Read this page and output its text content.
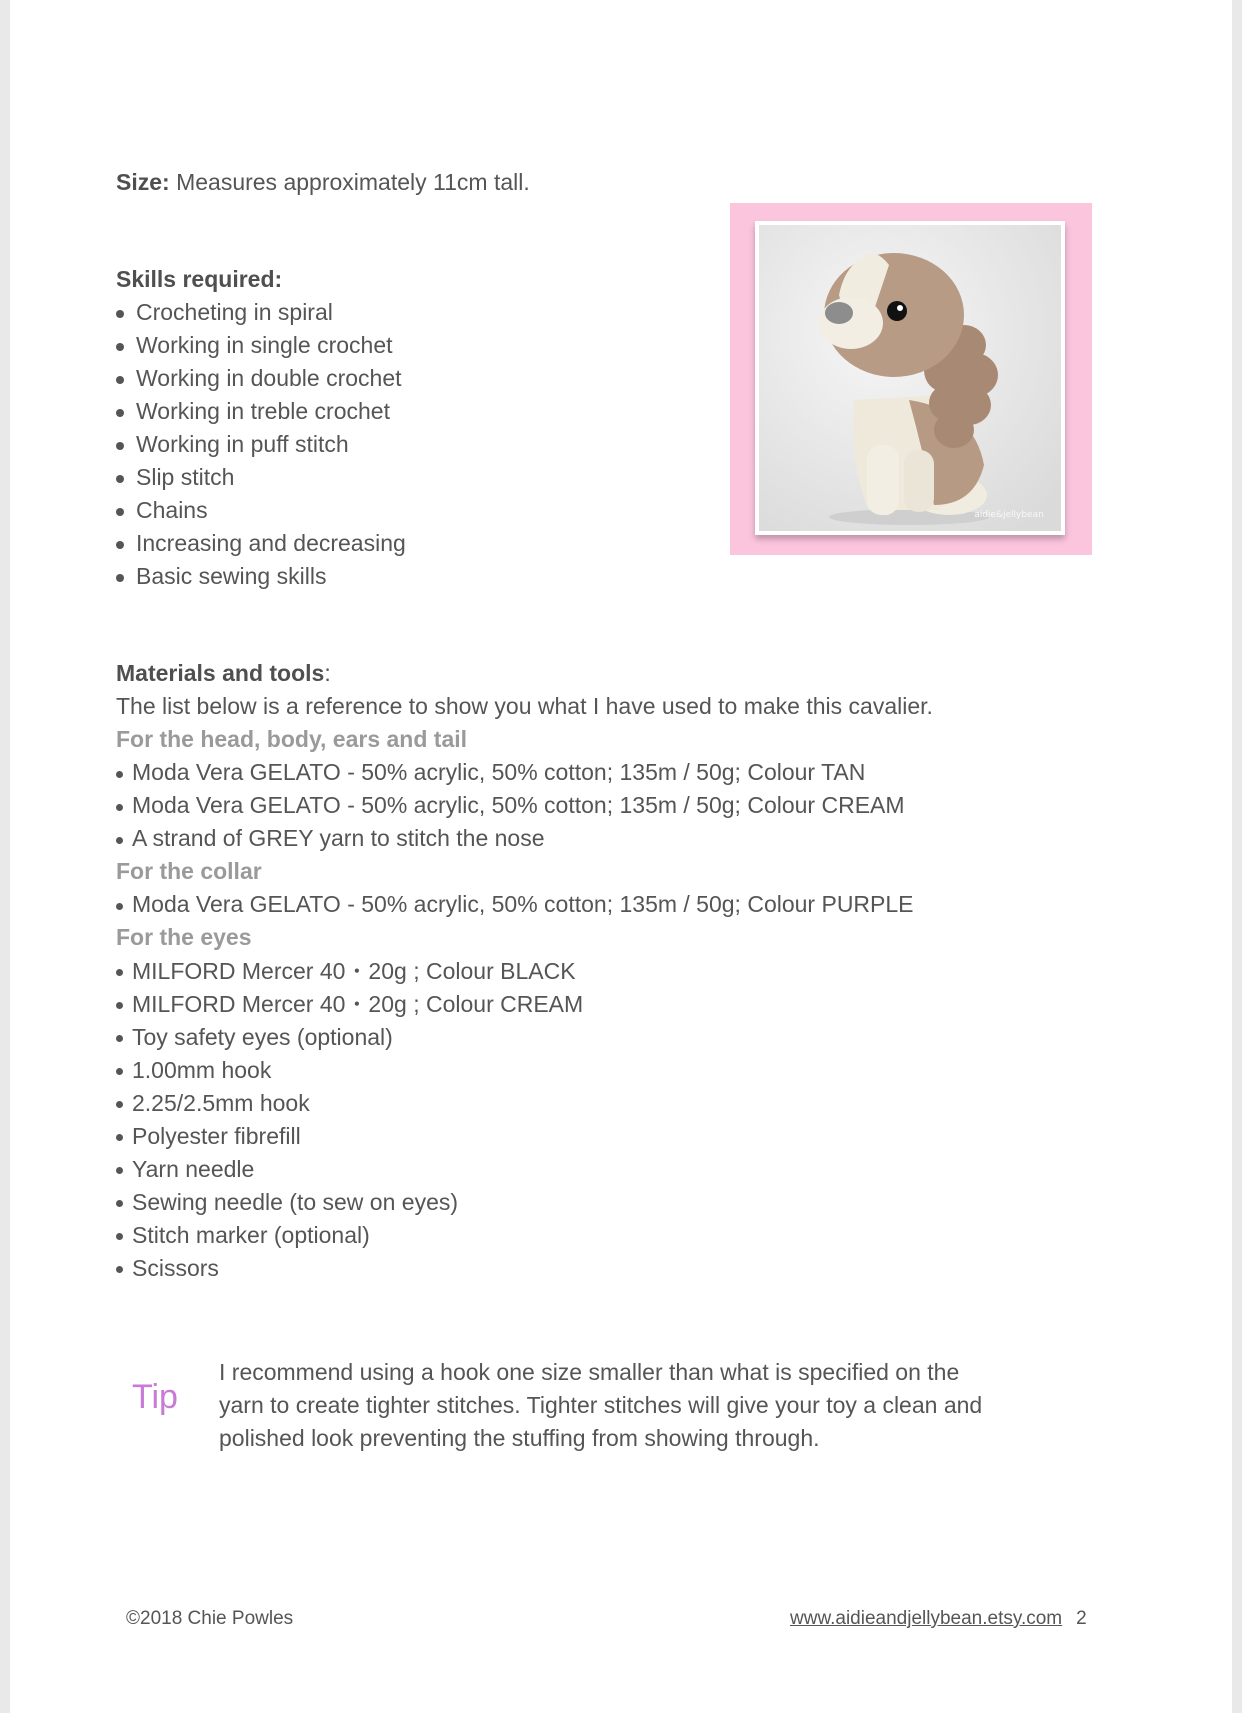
Size: Measures approximately 11cm tall.

Skills required:

Crocheting in spiral
Working in single crochet
Working in double crochet
Working in treble crochet
Working in puff stitch
Slip stitch
Chains
Increasing and decreasing
Basic sewing skills

Materials and tools:

The list below is a reference to show you what I have used to make this cavalier.

For the head, body, ears and tail

Moda Vera GELATO - 50% acrylic, 50% cotton; 135m / 50g; Colour TAN
Moda Vera GELATO - 50% acrylic, 50% cotton; 135m / 50g; Colour CREAM
A strand of GREY yarn to stitch the nose

For the collar

Moda Vera GELATO - 50% acrylic, 50% cotton; 135m / 50g; Colour PURPLE

For the eyes

MILFORD Mercer 40・20g ; Colour BLACK
MILFORD Mercer 40・20g ; Colour CREAM
Toy safety eyes (optional)
1.00mm hook
2.25/2.5mm hook
Polyester fibrefill
Yarn needle
Sewing needle (to sew on eyes)
Stitch marker (optional)
Scissors
aidie&jellybean
Tip
I recommend using a hook one size smaller than what is specified on the
yarn to create tighter stitches. Tighter stitches will give your toy a clean and
polished look preventing the stuffing from showing through.
©2018 Chie Powles	www.aidieandjellybean.etsy.com 2
